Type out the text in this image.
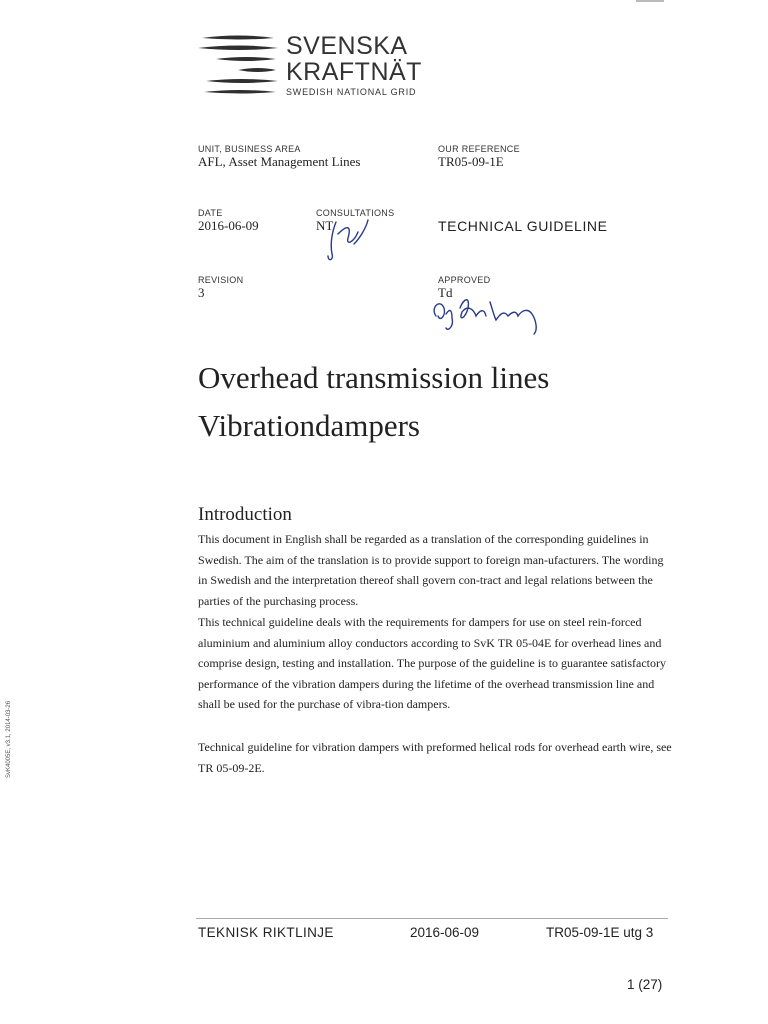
SVENSKA
KRAFTNÄT
SWEDISH NATIONAL GRID
UNIT, BUSINESS AREA
AFL, Asset Management Lines
OUR REFERENCE
TR05-09-1E
DATE
2016-06-09
CONSULTATIONS
NT	TECHNICAL GUIDELINE
REVISION
3
APPROVED
Td
Overhead transmission lines
Vibrationdampers
Introduction

This document in English shall be regarded as a translation of the corresponding guidelines in Swedish. The aim of the translation is to provide support to foreign man-ufacturers. The wording in Swedish and the interpretation thereof shall govern con-tract and legal relations between the parties of the purchasing process.

This technical guideline deals with the requirements for dampers for use on steel rein-forced aluminium and aluminium alloy conductors according to SvK TR 05-04E for overhead lines and comprise design, testing and installation. The purpose of the guideline is to guarantee satisfactory performance of the vibration dampers during the lifetime of the overhead transmission line and shall be used for the purchase of vibra-tion dampers.

Technical guideline for vibration dampers with preformed helical rods for overhead earth wire, see TR 05-09-2E.

SvK4005E, v3.1, 2014-03-26
TEKNISK RIKTLINJE	2016-06-09	TR05-09-1E utg 3
1 (27)
